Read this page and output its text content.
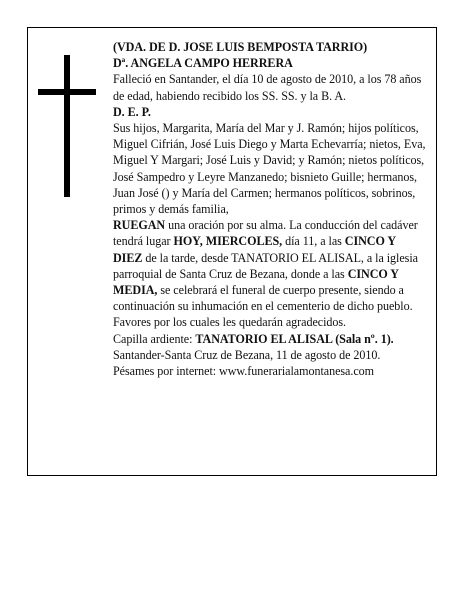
(VDA. DE D. JOSE LUIS BEMPOSTA TARRIO)

Dª. ANGELA CAMPO HERRERA

Falleció en Santander, el día 10 de agosto de 2010, a los 78 años de edad, habiendo recibido los SS. SS. y la B. A.

D. E. P.

Sus hijos, Margarita, María del Mar y J. Ramón; hijos políticos, Miguel Cifrián, José Luis Diego y Marta Echevarría; nietos, Eva, Miguel Y Margari; José Luis y David; y Ramón; nietos políticos, José Sampedro y Leyre Manzanedo; bisnieto Guille; hermanos, Juan José () y María del Carmen; hermanos políticos, sobrinos, primos y demás familia,

RUEGAN una oración por su alma. La conducción del cadáver tendrá lugar HOY, MIERCOLES, día 11, a las CINCO Y DIEZ de la tarde, desde TANATORIO EL ALISAL, a la iglesia parroquial de Santa Cruz de Bezana, donde a las CINCO Y MEDIA, se celebrará el funeral de cuerpo presente, siendo a continuación su inhumación en el cementerio de dicho pueblo. Favores por los cuales les quedarán agradecidos.

Capilla ardiente: TANATORIO EL ALISAL (Sala nº. 1).

Santander-Santa Cruz de Bezana, 11 de agosto de 2010.

Pésames por internet: www.funerarialamontanesa.com
